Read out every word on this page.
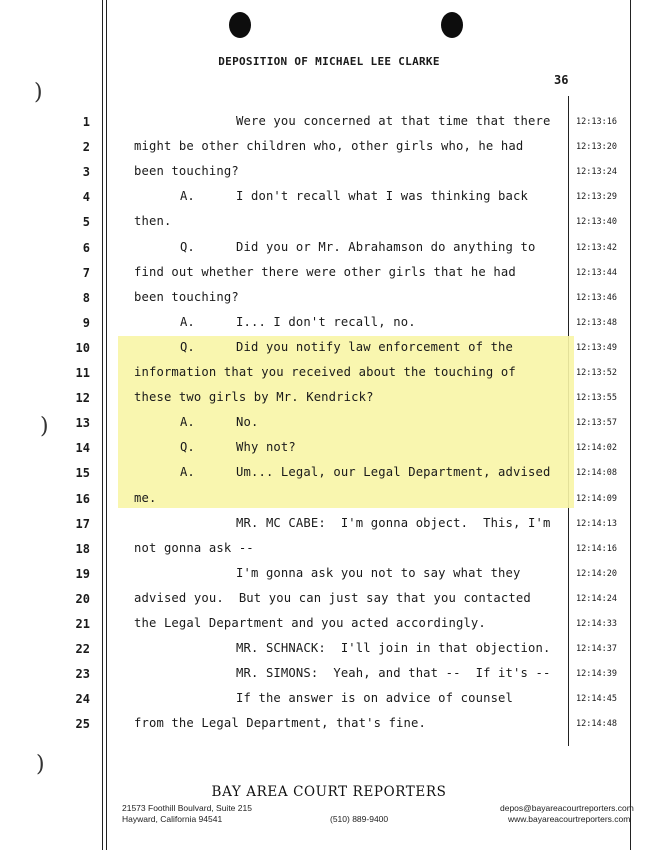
)
)
)
DEPOSITION OF MICHAEL LEE CLARKE
36
1	Were you concerned at that time that there	12:13:16
2	might be other children who, other girls who, he had	12:13:20
3	been touching?	12:13:24
4	A.	I don't recall what I was thinking back	12:13:29
5	then.	12:13:40
6	Q.	Did you or Mr. Abrahamson do anything to	12:13:42
7	find out whether there were other girls that he had	12:13:44
8	been touching?	12:13:46
9	A.	I... I don't recall, no.	12:13:48
10	Q.	Did you notify law enforcement of the	12:13:49
11	information that you received about the touching of	12:13:52
12	these two girls by Mr. Kendrick?	12:13:55
13	A.	No.	12:13:57
14	Q.	Why not?	12:14:02
15	A.	Um... Legal, our Legal Department, advised	12:14:08
16	me.	12:14:09
17	MR. MC CABE:  I'm gonna object.  This, I'm	12:14:13
18	not gonna ask --	12:14:16
19	I'm gonna ask you not to say what they	12:14:20
20	advised you.  But you can just say that you contacted	12:14:24
21	the Legal Department and you acted accordingly.	12:14:33
22	MR. SCHNACK:  I'll join in that objection.	12:14:37
23	MR. SIMONS:  Yeah, and that --  If it's --	12:14:39
24	If the answer is on advice of counsel	12:14:45
25	from the Legal Department, that's fine.	12:14:48
BAY AREA COURT REPORTERS
21573 Foothill Boulvard, Suite 215
Hayward, California 94541	(510) 889-9400
depos@bayareacourtreporters.com
www.bayareacourtreporters.com
